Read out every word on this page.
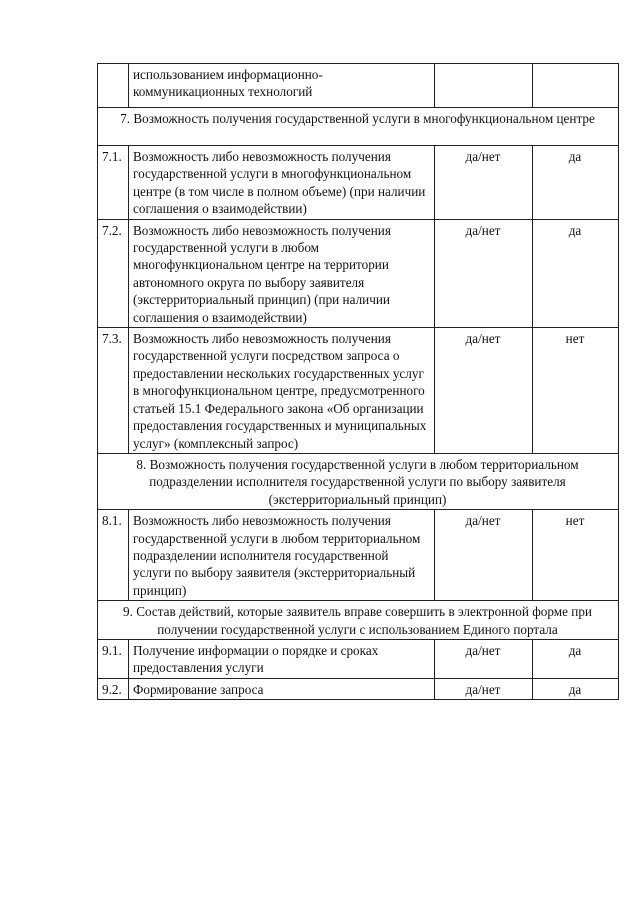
	использованием информационно-коммуникационных технологий		
7. Возможность получения государственной услуги в многофункциональном центре			
7.1.	Возможность либо невозможность получения государственной услуги в многофункциональном центре (в том числе в полном объеме) (при наличии соглашения о взаимодействии)	да/нет	да
7.2.	Возможность либо невозможность получения государственной услуги в любом многофункциональном центре на территории автономного округа по выбору заявителя (экстерриториальный принцип) (при наличии соглашения о взаимодействии)	да/нет	да
7.3.	Возможность либо невозможность получения государственной услуги посредством запроса о предоставлении нескольких государственных услуг в многофункциональном центре, предусмотренного статьей 15.1 Федерального закона «Об организации предоставления государственных и муниципальных услуг» (комплексный запрос)	да/нет	нет
8. Возможность получения государственной услуги в любом территориальном подразделении исполнителя государственной услуги по выбору заявителя (экстерриториальный принцип)			
8.1.	Возможность либо невозможность получения государственной услуги в любом территориальном подразделении исполнителя государственной услуги по выбору заявителя (экстерриториальный принцип)	да/нет	нет
9. Состав действий, которые заявитель вправе совершить в электронной форме при получении государственной услуги с использованием Единого портала			
9.1.	Получение информации о порядке и сроках предоставления услуги	да/нет	да
9.2.	Формирование запроса	да/нет	да
